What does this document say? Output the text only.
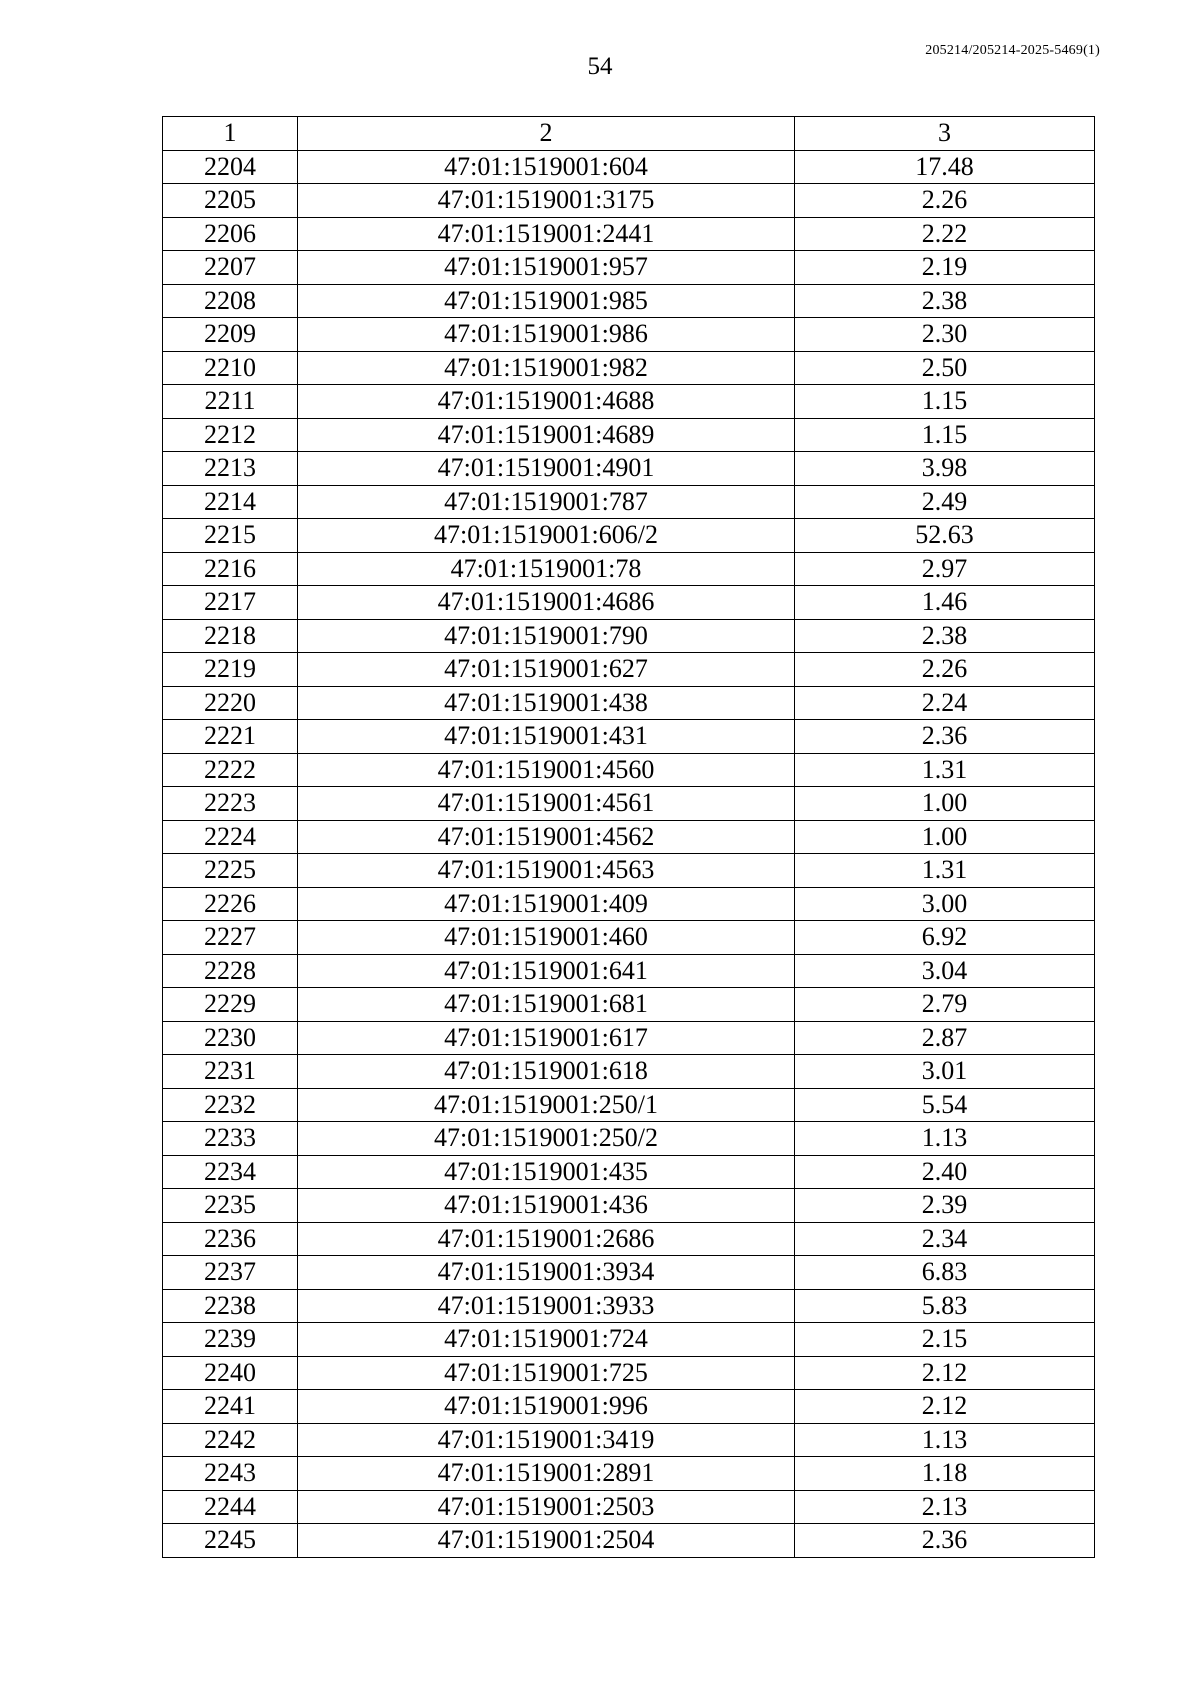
54
205214/205214-2025-5469(1)
1	2	3
2204	47:01:1519001:604	17.48
2205	47:01:1519001:3175	2.26
2206	47:01:1519001:2441	2.22
2207	47:01:1519001:957	2.19
2208	47:01:1519001:985	2.38
2209	47:01:1519001:986	2.30
2210	47:01:1519001:982	2.50
2211	47:01:1519001:4688	1.15
2212	47:01:1519001:4689	1.15
2213	47:01:1519001:4901	3.98
2214	47:01:1519001:787	2.49
2215	47:01:1519001:606/2	52.63
2216	47:01:1519001:78	2.97
2217	47:01:1519001:4686	1.46
2218	47:01:1519001:790	2.38
2219	47:01:1519001:627	2.26
2220	47:01:1519001:438	2.24
2221	47:01:1519001:431	2.36
2222	47:01:1519001:4560	1.31
2223	47:01:1519001:4561	1.00
2224	47:01:1519001:4562	1.00
2225	47:01:1519001:4563	1.31
2226	47:01:1519001:409	3.00
2227	47:01:1519001:460	6.92
2228	47:01:1519001:641	3.04
2229	47:01:1519001:681	2.79
2230	47:01:1519001:617	2.87
2231	47:01:1519001:618	3.01
2232	47:01:1519001:250/1	5.54
2233	47:01:1519001:250/2	1.13
2234	47:01:1519001:435	2.40
2235	47:01:1519001:436	2.39
2236	47:01:1519001:2686	2.34
2237	47:01:1519001:3934	6.83
2238	47:01:1519001:3933	5.83
2239	47:01:1519001:724	2.15
2240	47:01:1519001:725	2.12
2241	47:01:1519001:996	2.12
2242	47:01:1519001:3419	1.13
2243	47:01:1519001:2891	1.18
2244	47:01:1519001:2503	2.13
2245	47:01:1519001:2504	2.36
